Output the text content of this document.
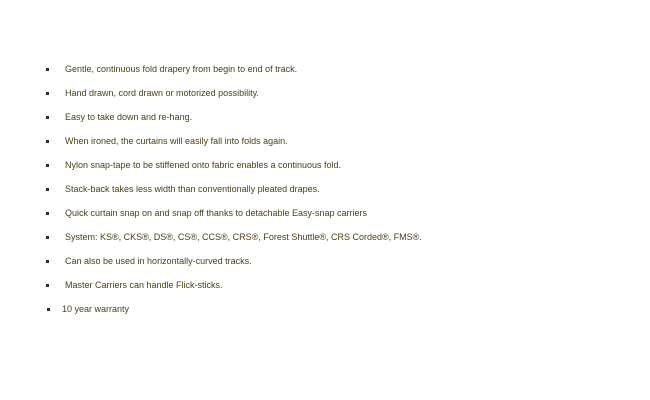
Gentle, continuous fold drapery from begin to end of track.
Hand drawn, cord drawn or motorized possibility.
Easy to take down and re-hang.
When ironed, the curtains will easily fall into folds again.
Nylon snap-tape to be stiffened onto fabric enables a continuous fold.
Stack-back takes less width than conventionally pleated drapes.
Quick curtain snap on and snap off thanks to detachable Easy-snap carriers
System: KS®, CKS®, DS®, CS®, CCS®, CRS®, Forest Shuttle®, CRS Corded®, FMS®.
Can also be used in horizontally-curved tracks.
Master Carriers can handle Flick-sticks.
10 year warranty
